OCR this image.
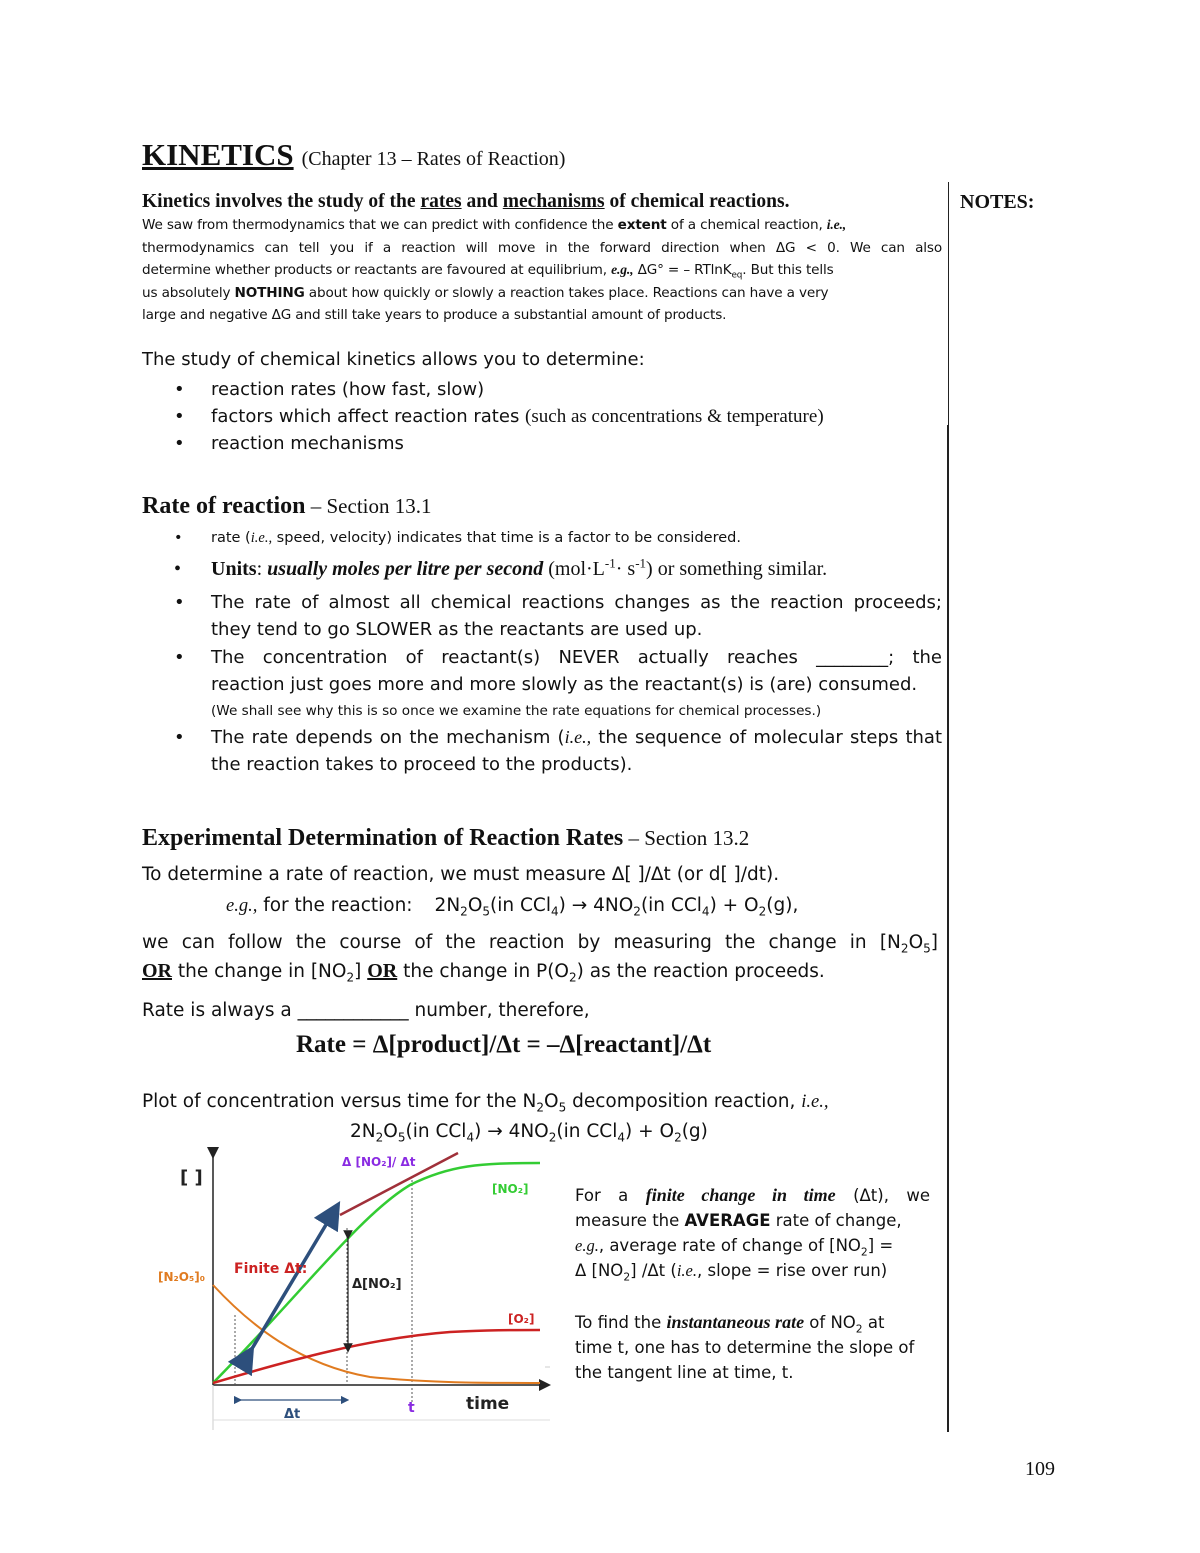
KINETICS (Chapter 13 – Rates of Reaction)
NOTES:

Kinetics involves the study of the rates and mechanisms of chemical reactions.

We saw from thermodynamics that we can predict with confidence the extent of a chemical reaction, i.e.,
thermodynamics can tell you if a reaction will move in the forward direction when ΔG < 0. We can also
determine whether products or reactants are favoured at equilibrium, e.g., ΔG° = – RTlnK$_{eq}$. But this tells
us absolutely NOTHING about how quickly or slowly a reaction takes place. Reactions can have a very
large and negative ΔG and still take years to produce a substantial amount of products.
The study of chemical kinetics allows you to determine:
• reaction rates (how fast, slow)
• factors which affect reaction rates (such as concentrations & temperature)
• reaction mechanisms
Rate of reaction – Section 13.1
• rate (i.e., speed, velocity) indicates that time is a factor to be considered.
• Units: usually moles per litre per second $(mol\cdot L^{-1}\cdot s^{-1})$ or something similar.
• The rate of almost all chemical reactions changes as the reaction proceeds;
they tend to go SLOWER as the reactants are used up.
• The concentration of reactant(s) NEVER actually reaches ________; the
reaction just goes more and more slowly as the reactant(s) is (are) consumed.
(We shall see why this is so once we examine the rate equations for chemical processes.)
• The rate depends on the mechanism (i.e., the sequence of molecular steps that
the reaction takes to proceed to the products).
Experimental Determination of Reaction Rates – Section 13.2
To determine a rate of reaction, we must measure Δ[ ]/Δt (or d[ ]/dt).
e.g., for the reaction: $2N_2O_5(in$ $CCl_4) \to 4NO_2(in$ $CCl_4) + O_2(g)$,
we can follow the course of the reaction by measuring the change in $[N_2O_5]$
OR the change in $[NO_2]$ OR the change in $P(O_2)$ as the reaction proceeds.
Rate is always a ____________ number, therefore,
Rate = Δ[product]/Δt = –Δ[reactant]/Δt
Plot of concentration versus time for the $N_2O_5$ decomposition reaction, i.e.,
$2N_2O_5(in$ $CCl_4) \to 4NO_2(in$ $CCl_4) + O_2(g)$
[ ]
Δ [NO₂]/ Δt
[NO₂]
[N₂O₅]₀ Finite Δt:
Δ[NO₂]
[O₂]
Δt	t	time
For a finite change in time (Δt), we
measure the AVERAGE rate of change,
e.g., average rate of change of $[NO_2]$ =
Δ $[NO_2]$ /Δt (i.e., slope = rise over run)
To find the instantaneous rate of $NO_2$ at
time t, one has to determine the slope of
the tangent line at time, t.
109
